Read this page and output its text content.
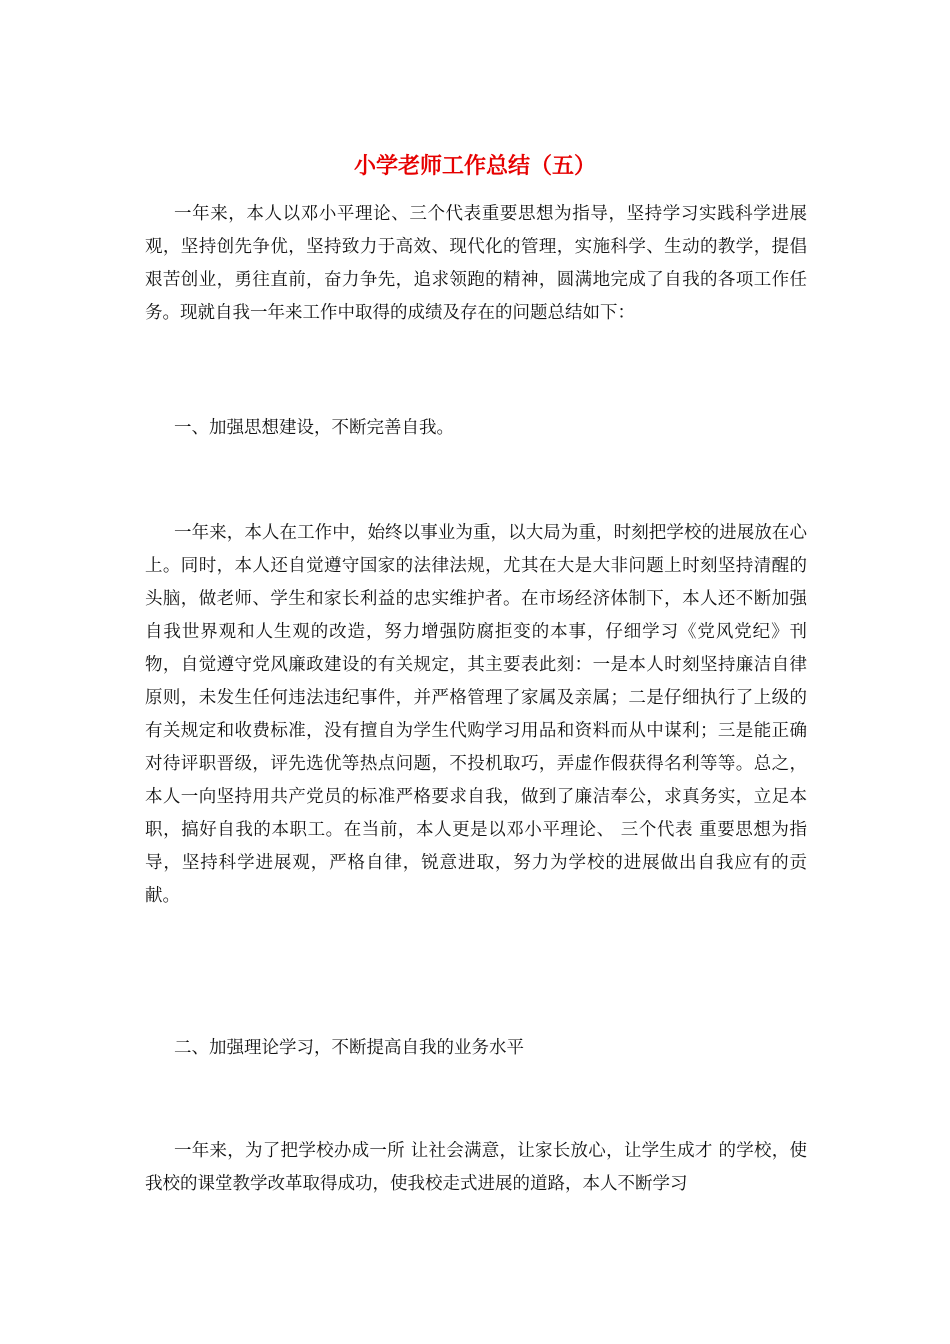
小学老师工作总结（五）

一年来，本人以邓小平理论、三个代表重要思想为指导，坚持学习实践科学进展观，坚持创先争优，坚持致力于高效、现代化的管理，实施科学、生动的教学，提倡艰苦创业，勇往直前，奋力争先，追求领跑的精神，圆满地完成了自我的各项工作任务。现就自我一年来工作中取得的成绩及存在的问题总结如下：

一、加强思想建设，不断完善自我。

一年来，本人在工作中，始终以事业为重，以大局为重，时刻把学校的进展放在心上。同时，本人还自觉遵守国家的法律法规，尤其在大是大非问题上时刻坚持清醒的头脑，做老师、学生和家长利益的忠实维护者。在市场经济体制下，本人还不断加强自我世界观和人生观的改造，努力增强防腐拒变的本事，仔细学习《党风党纪》刊物，自觉遵守党风廉政建设的有关规定，其主要表此刻：一是本人时刻坚持廉洁自律原则，未发生任何违法违纪事件，并严格管理了家属及亲属；二是仔细执行了上级的有关规定和收费标准，没有擅自为学生代购学习用品和资料而从中谋利；三是能正确对待评职晋级，评先选优等热点问题，不投机取巧，弄虚作假获得名利等等。总之，本人一向坚持用共产党员的标准严格要求自我，做到了廉洁奉公，求真务实，立足本职，搞好自我的本职工。在当前，本人更是以邓小平理论、 三个代表 重要思想为指导，坚持科学进展观，严格自律，锐意进取，努力为学校的进展做出自我应有的贡献。

二、加强理论学习，不断提高自我的业务水平

一年来，为了把学校办成一所 让社会满意，让家长放心，让学生成才 的学校，使我校的课堂教学改革取得成功，使我校走式进展的道路，本人不断学习
